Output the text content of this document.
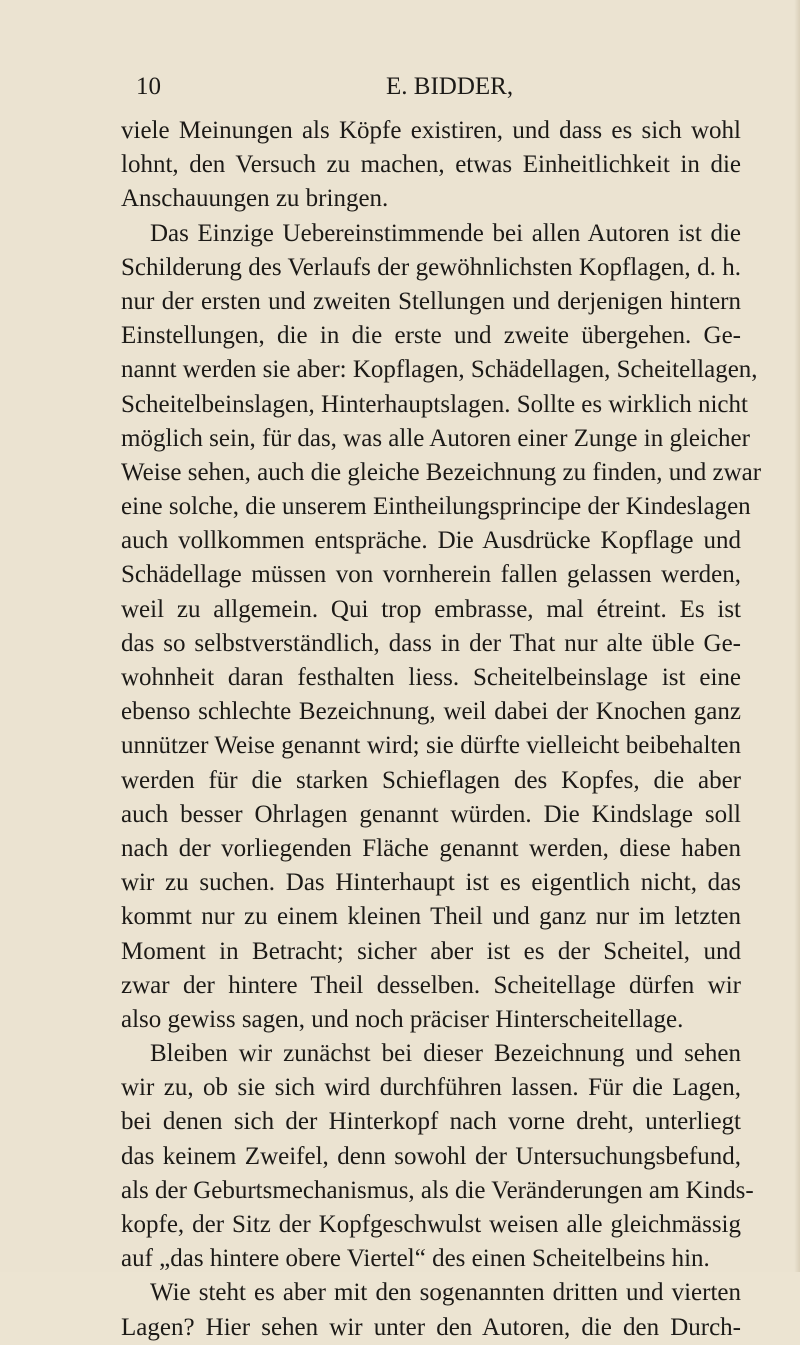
10	E. BIDDER,
viele Meinungen als Köpfe existiren, und dass es sich wohl
lohnt, den Versuch zu machen, etwas Einheitlichkeit in die
Anschauungen zu bringen.
Das Einzige Uebereinstimmende bei allen Autoren ist die
Schilderung des Verlaufs der gewöhnlichsten Kopflagen, d. h.
nur der ersten und zweiten Stellungen und derjenigen hintern
Einstellungen, die in die erste und zweite übergehen. Ge-
nannt werden sie aber: Kopflagen, Schädellagen, Scheitellagen,
Scheitelbeinslagen, Hinterhauptslagen. Sollte es wirklich nicht
möglich sein, für das, was alle Autoren einer Zunge in gleicher
Weise sehen, auch die gleiche Bezeichnung zu finden, und zwar
eine solche, die unserem Eintheilungsprincipe der Kindeslagen
auch vollkommen entspräche. Die Ausdrücke Kopflage und
Schädellage müssen von vornherein fallen gelassen werden,
weil zu allgemein. Qui trop embrasse, mal étreint. Es ist
das so selbstverständlich, dass in der That nur alte üble Ge-
wohnheit daran festhalten liess. Scheitelbeinslage ist eine
ebenso schlechte Bezeichnung, weil dabei der Knochen ganz
unnützer Weise genannt wird; sie dürfte vielleicht beibehalten
werden für die starken Schieflagen des Kopfes, die aber
auch besser Ohrlagen genannt würden. Die Kindslage soll
nach der vorliegenden Fläche genannt werden, diese haben
wir zu suchen. Das Hinterhaupt ist es eigentlich nicht, das
kommt nur zu einem kleinen Theil und ganz nur im letzten
Moment in Betracht; sicher aber ist es der Scheitel, und
zwar der hintere Theil desselben. Scheitellage dürfen wir
also gewiss sagen, und noch präciser Hinterscheitellage.
Bleiben wir zunächst bei dieser Bezeichnung und sehen
wir zu, ob sie sich wird durchführen lassen. Für die Lagen,
bei denen sich der Hinterkopf nach vorne dreht, unterliegt
das keinem Zweifel, denn sowohl der Untersuchungsbefund,
als der Geburtsmechanismus, als die Veränderungen am Kinds-
kopfe, der Sitz der Kopfgeschwulst weisen alle gleichmässig
auf „das hintere obere Viertel“ des einen Scheitelbeins hin.
Wie steht es aber mit den sogenannten dritten und vierten
Lagen? Hier sehen wir unter den Autoren, die den Durch-
